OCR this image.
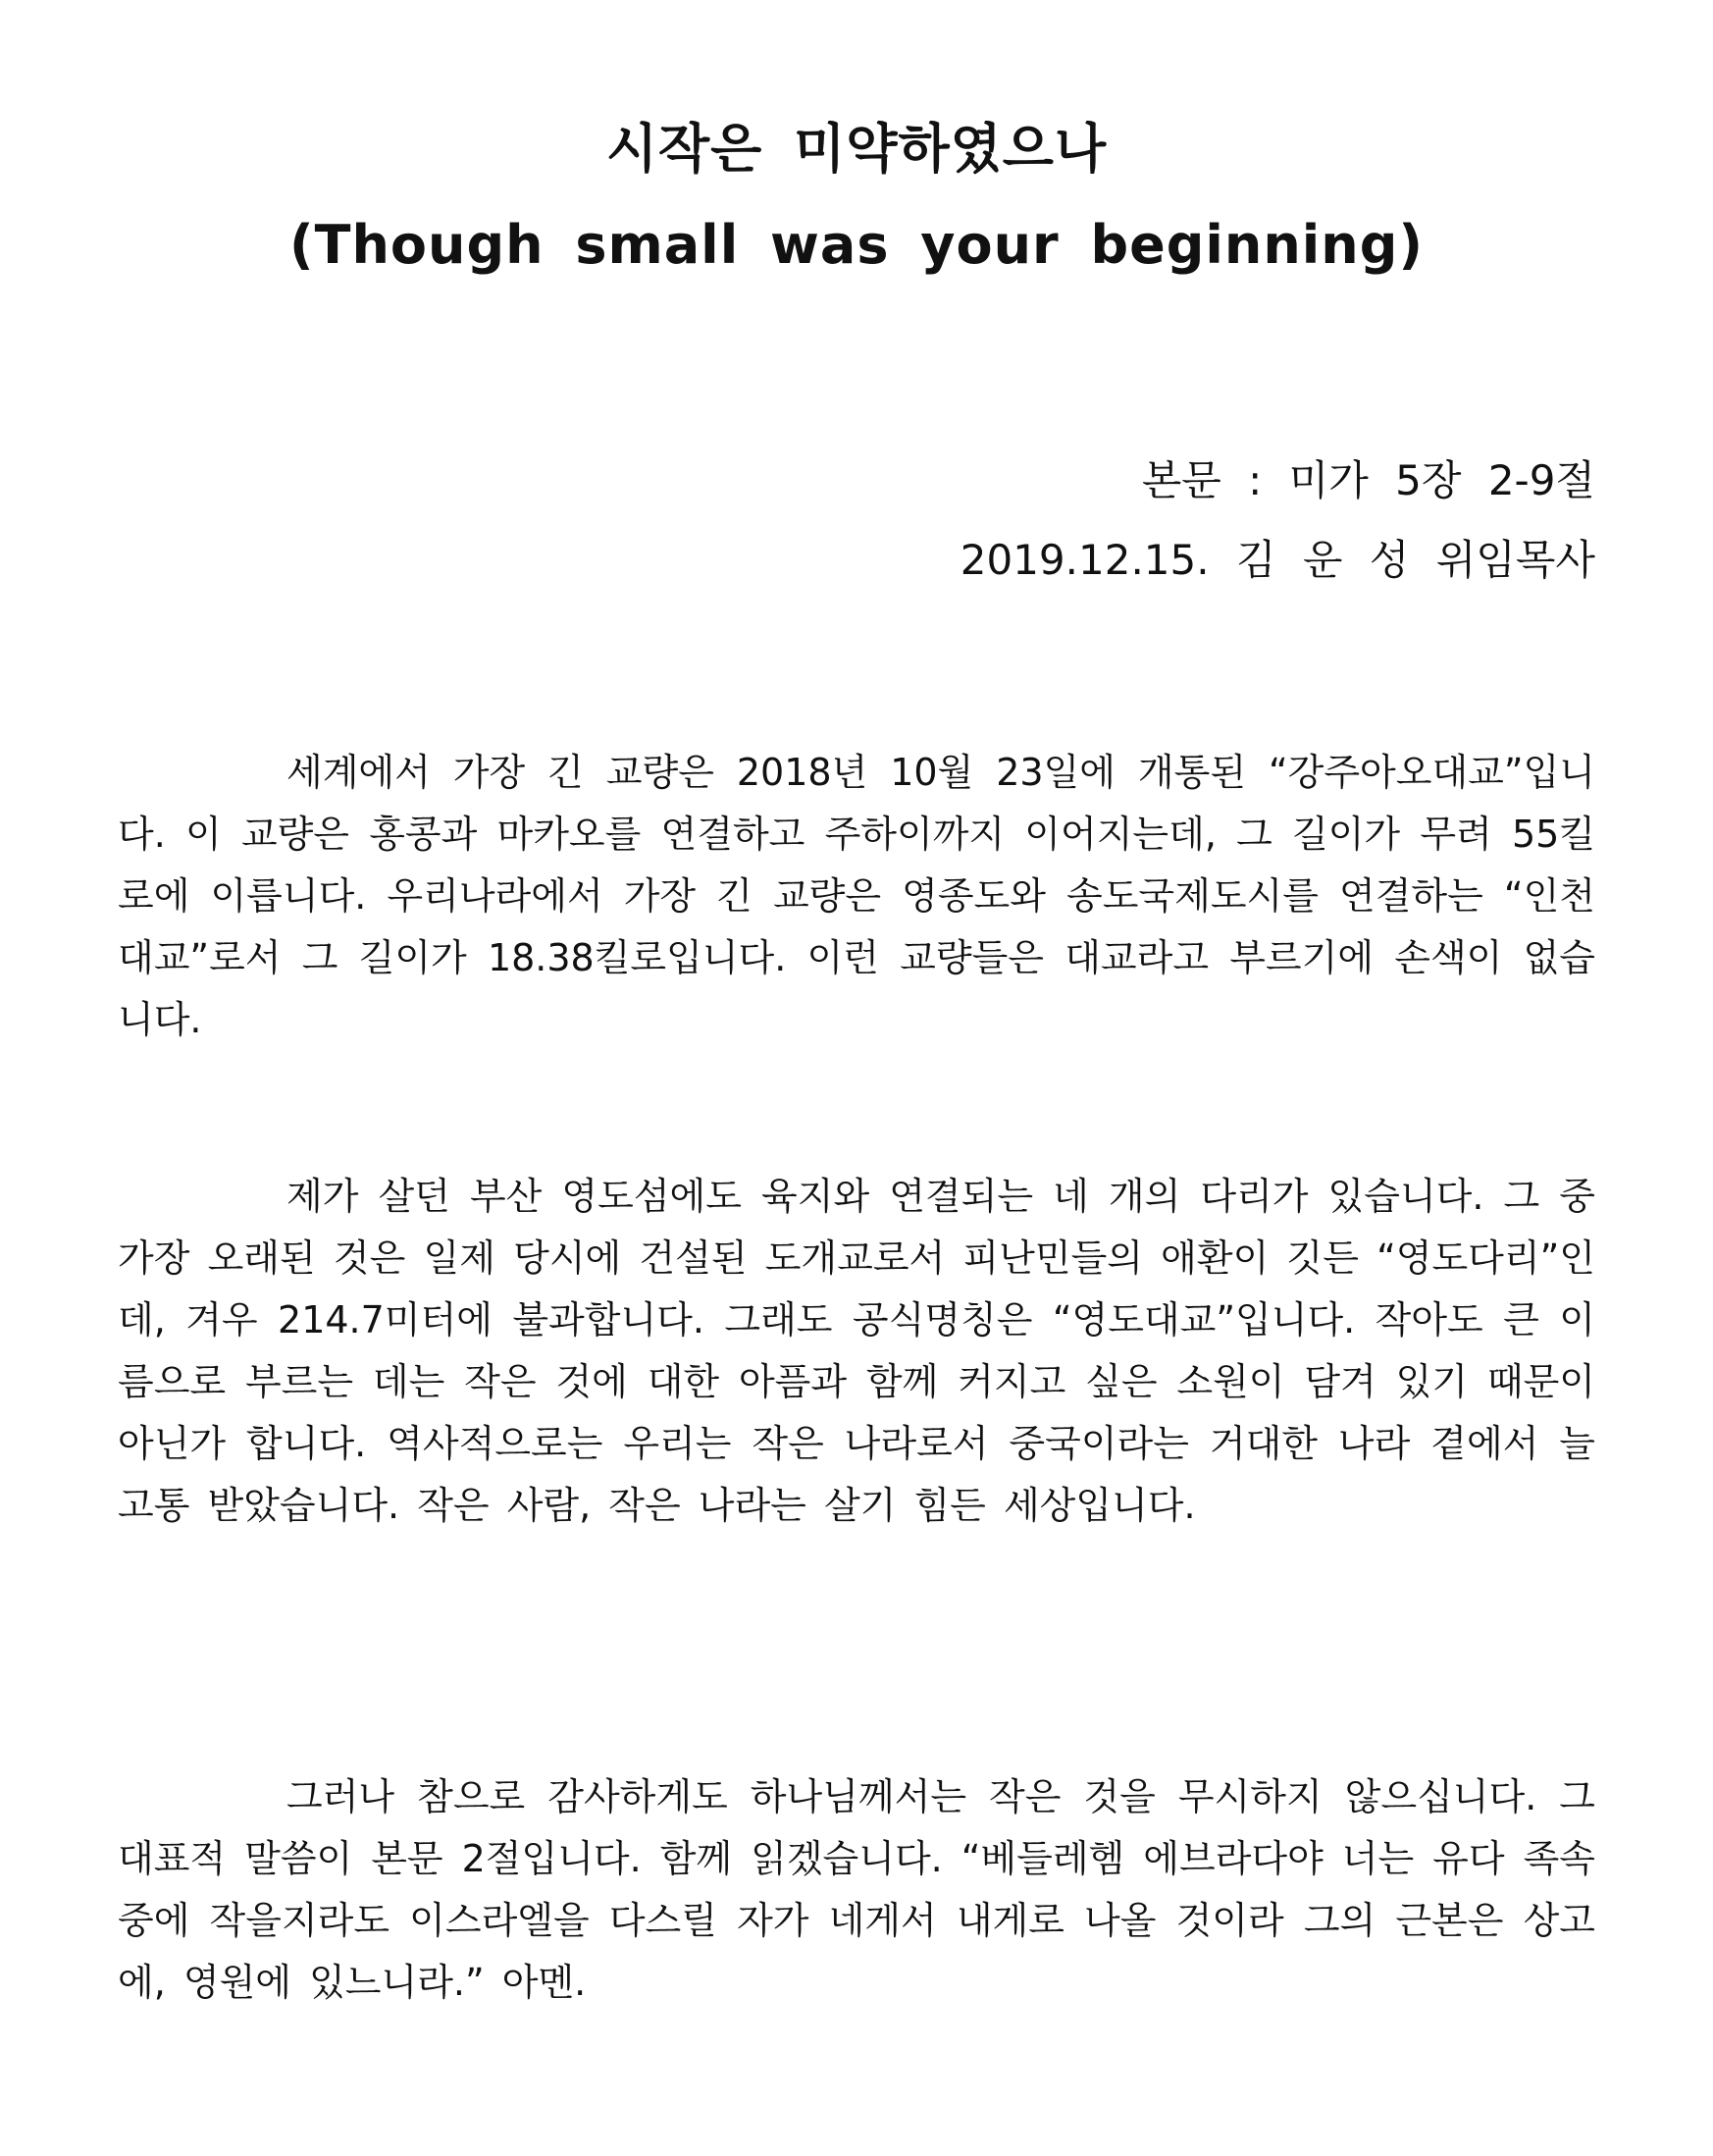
시작은 미약하였으나
(Though small was your beginning)
본문 : 미가 5장 2-9절
2019.12.15. 김 운 성 위임목사

세계에서 가장 긴 교량은 2018년 10월 23일에 개통된 “강주아오대교”입니다. 이 교량은 홍콩과 마카오를 연결하고 주하이까지 이어지는데, 그 길이가 무려 55킬로에 이릅니다. 우리나라에서 가장 긴 교량은 영종도와 송도국제도시를 연결하는 “인천대교”로서 그 길이가 18.38킬로입니다. 이런 교량들은 대교라고 부르기에 손색이 없습니다.

제가 살던 부산 영도섬에도 육지와 연결되는 네 개의 다리가 있습니다. 그 중 가장 오래된 것은 일제 당시에 건설된 도개교로서 피난민들의 애환이 깃든 “영도다리”인데, 겨우 214.7미터에 불과합니다. 그래도 공식명칭은 “영도대교”입니다. 작아도 큰 이름으로 부르는 데는 작은 것에 대한 아픔과 함께 커지고 싶은 소원이 담겨 있기 때문이 아닌가 합니다. 역사적으로는 우리는 작은 나라로서 중국이라는 거대한 나라 곁에서 늘 고통 받았습니다. 작은 사람, 작은 나라는 살기 힘든 세상입니다.

그러나 참으로 감사하게도 하나님께서는 작은 것을 무시하지 않으십니다. 그 대표적 말씀이 본문 2절입니다. 함께 읽겠습니다. “베들레헴 에브라다야 너는 유다 족속 중에 작을지라도 이스라엘을 다스릴 자가 네게서 내게로 나올 것이라 그의 근본은 상고에, 영원에 있느니라.” 아멘.
